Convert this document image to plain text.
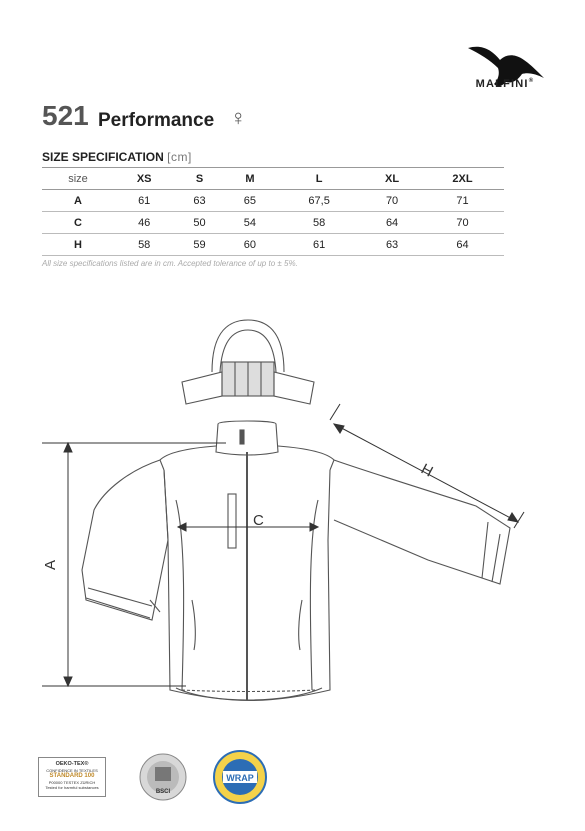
MALFINI®
521 Performance ♀
SIZE SPECIFICATION [cm]
size	XS	S	M	L	XL	2XL
A	61	63	65	67,5	70	71
C	46	50	54	58	64	70
H	58	59	60	61	63	64
All size specifications listed are in cm. Accepted tolerance of up to ± 5%.
A
C
H
OEKO-TEX®
CONFIDENCE IN TEXTILES
STANDARD 100
P00000 TESTEX ZÜRICH
Tested for harmful substances
BSCI
WRAP
